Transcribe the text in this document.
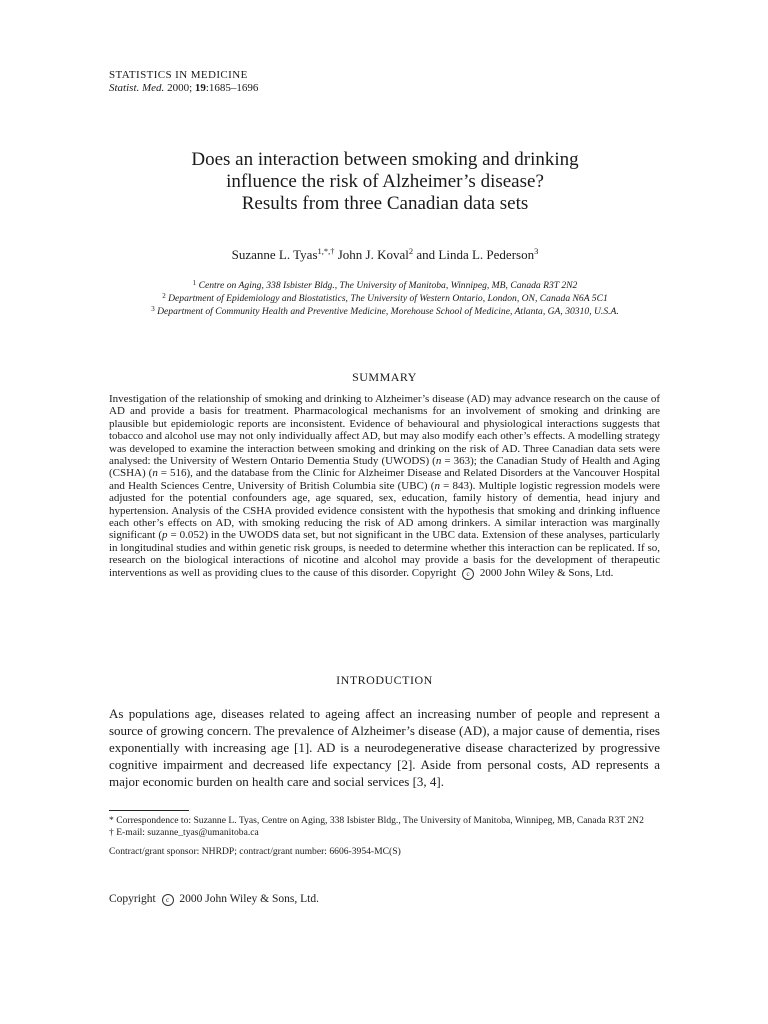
STATISTICS IN MEDICINE
Statist. Med. 2000; 19:1685–1696
Does an interaction between smoking and drinking
influence the risk of Alzheimer’s disease?
Results from three Canadian data sets
Suzanne L. Tyas$^{1,*,\dagger}$ John J. Koval$^2$ and Linda L. Pederson$^3$
$^1$ Centre on Aging, 338 Isbister Bldg., The University of Manitoba, Winnipeg, MB, Canada R3T 2N2
$^2$ Department of Epidemiology and Biostatistics, The University of Western Ontario, London, ON, Canada N6A 5C1
$^3$ Department of Community Health and Preventive Medicine, Morehouse School of Medicine, Atlanta, GA, 30310, U.S.A.
SUMMARY
Investigation of the relationship of smoking and drinking to Alzheimer’s disease (AD) may advance research on the cause of AD and provide a basis for treatment. Pharmacological mechanisms for an involvement of smoking and drinking are plausible but epidemiologic reports are inconsistent. Evidence of behavioural and physiological interactions suggests that tobacco and alcohol use may not only individually affect AD, but may also modify each other’s effects. A modelling strategy was developed to examine the interaction between smoking and drinking on the risk of AD. Three Canadian data sets were analysed: the University of Western Ontario Dementia Study (UWODS) (n = 363); the Canadian Study of Health and Aging (CSHA) (n = 516), and the database from the Clinic for Alzheimer Disease and Related Disorders at the Vancouver Hospital and Health Sciences Centre, University of British Columbia site (UBC) (n = 843). Multiple logistic regression models were adjusted for the potential confounders age, age squared, sex, education, family history of dementia, head injury and hypertension. Analysis of the CSHA provided evidence consistent with the hypothesis that smoking and drinking influence each other’s effects on AD, with smoking reducing the risk of AD among drinkers. A similar interaction was marginally significant (p = 0.052) in the UWODS data set, but not significant in the UBC data. Extension of these analyses, particularly in longitudinal studies and within genetic risk groups, is needed to determine whether this interaction can be replicated. If so, research on the biological interactions of nicotine and alcohol may provide a basis for the development of therapeutic interventions as well as providing clues to the cause of this disorder. Copyright c 2000 John Wiley & Sons, Ltd.
INTRODUCTION
As populations age, diseases related to ageing affect an increasing number of people and represent a source of growing concern. The prevalence of Alzheimer’s disease (AD), a major cause of dementia, rises exponentially with increasing age [1]. AD is a neurodegenerative disease characterized by progressive cognitive impairment and decreased life expectancy [2]. Aside from personal costs, AD represents a major economic burden on health care and social services [3, 4].

* Correspondence to: Suzanne L. Tyas, Centre on Aging, 338 Isbister Bldg., The University of Manitoba, Winnipeg, MB, Canada R3T 2N2

† E-mail: suzanne_tyas@umanitoba.ca

Contract/grant sponsor: NHRDP; contract/grant number: 6606-3954-MC(S)

Copyright c 2000 John Wiley & Sons, Ltd.
